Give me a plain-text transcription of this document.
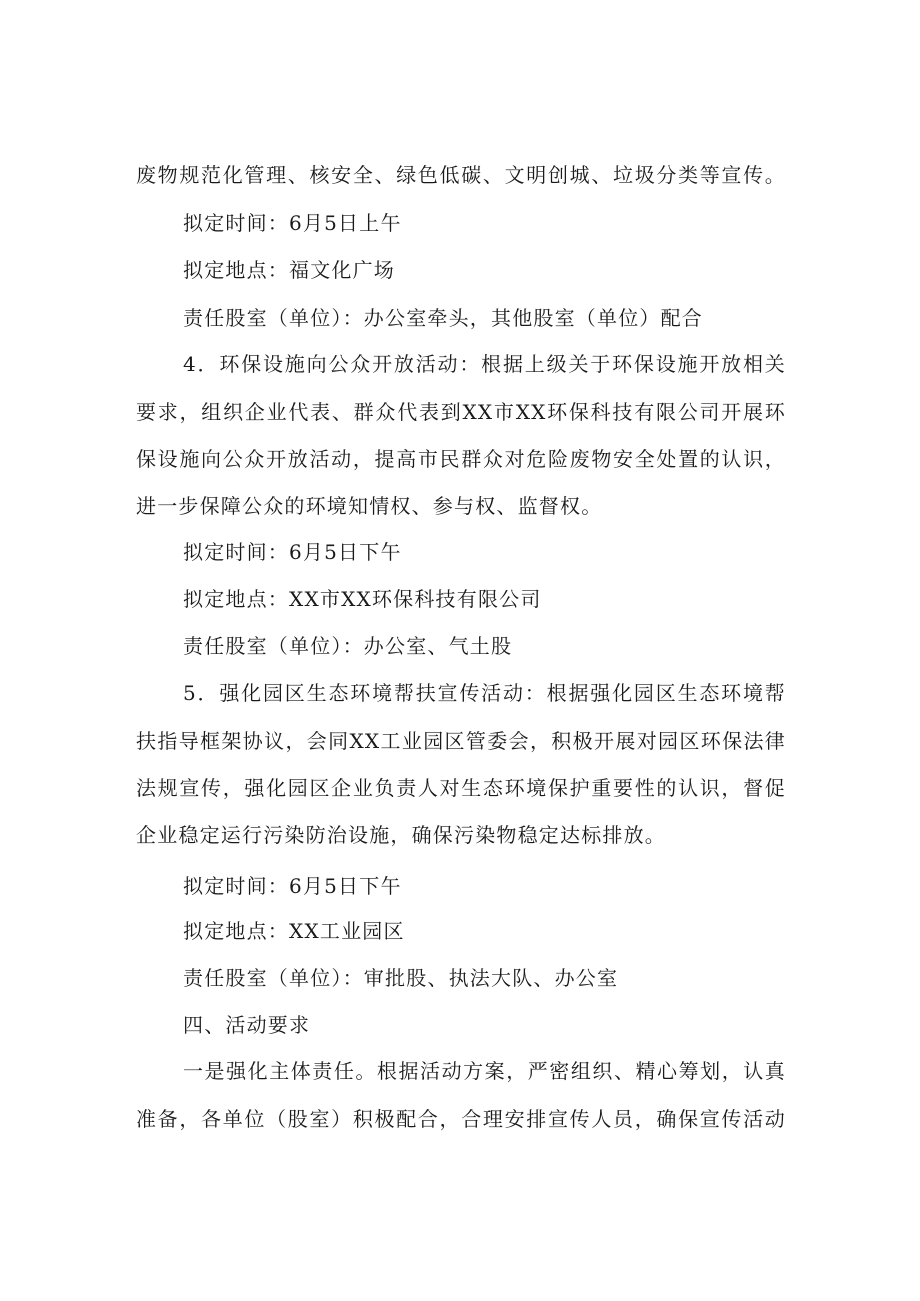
废物规范化管理、核安全、绿色低碳、文明创城、垃圾分类等宣传。
拟定时间：6月5日上午
拟定地点：福文化广场
责任股室（单位）：办公室牵头，其他股室（单位）配合
4．环保设施向公众开放活动：根据上级关于环保设施开放相关
要求，组织企业代表、群众代表到XX市XX环保科技有限公司开展环
保设施向公众开放活动，提高市民群众对危险废物安全处置的认识，
进一步保障公众的环境知情权、参与权、监督权。
拟定时间：6月5日下午
拟定地点：XX市XX环保科技有限公司
责任股室（单位）：办公室、气土股
5．强化园区生态环境帮扶宣传活动：根据强化园区生态环境帮
扶指导框架协议，会同XX工业园区管委会，积极开展对园区环保法律
法规宣传，强化园区企业负责人对生态环境保护重要性的认识，督促
企业稳定运行污染防治设施，确保污染物稳定达标排放。
拟定时间：6月5日下午
拟定地点：XX工业园区
责任股室（单位）：审批股、执法大队、办公室
四、活动要求
一是强化主体责任。根据活动方案，严密组织、精心筹划，认真
准备，各单位（股室）积极配合，合理安排宣传人员，确保宣传活动
